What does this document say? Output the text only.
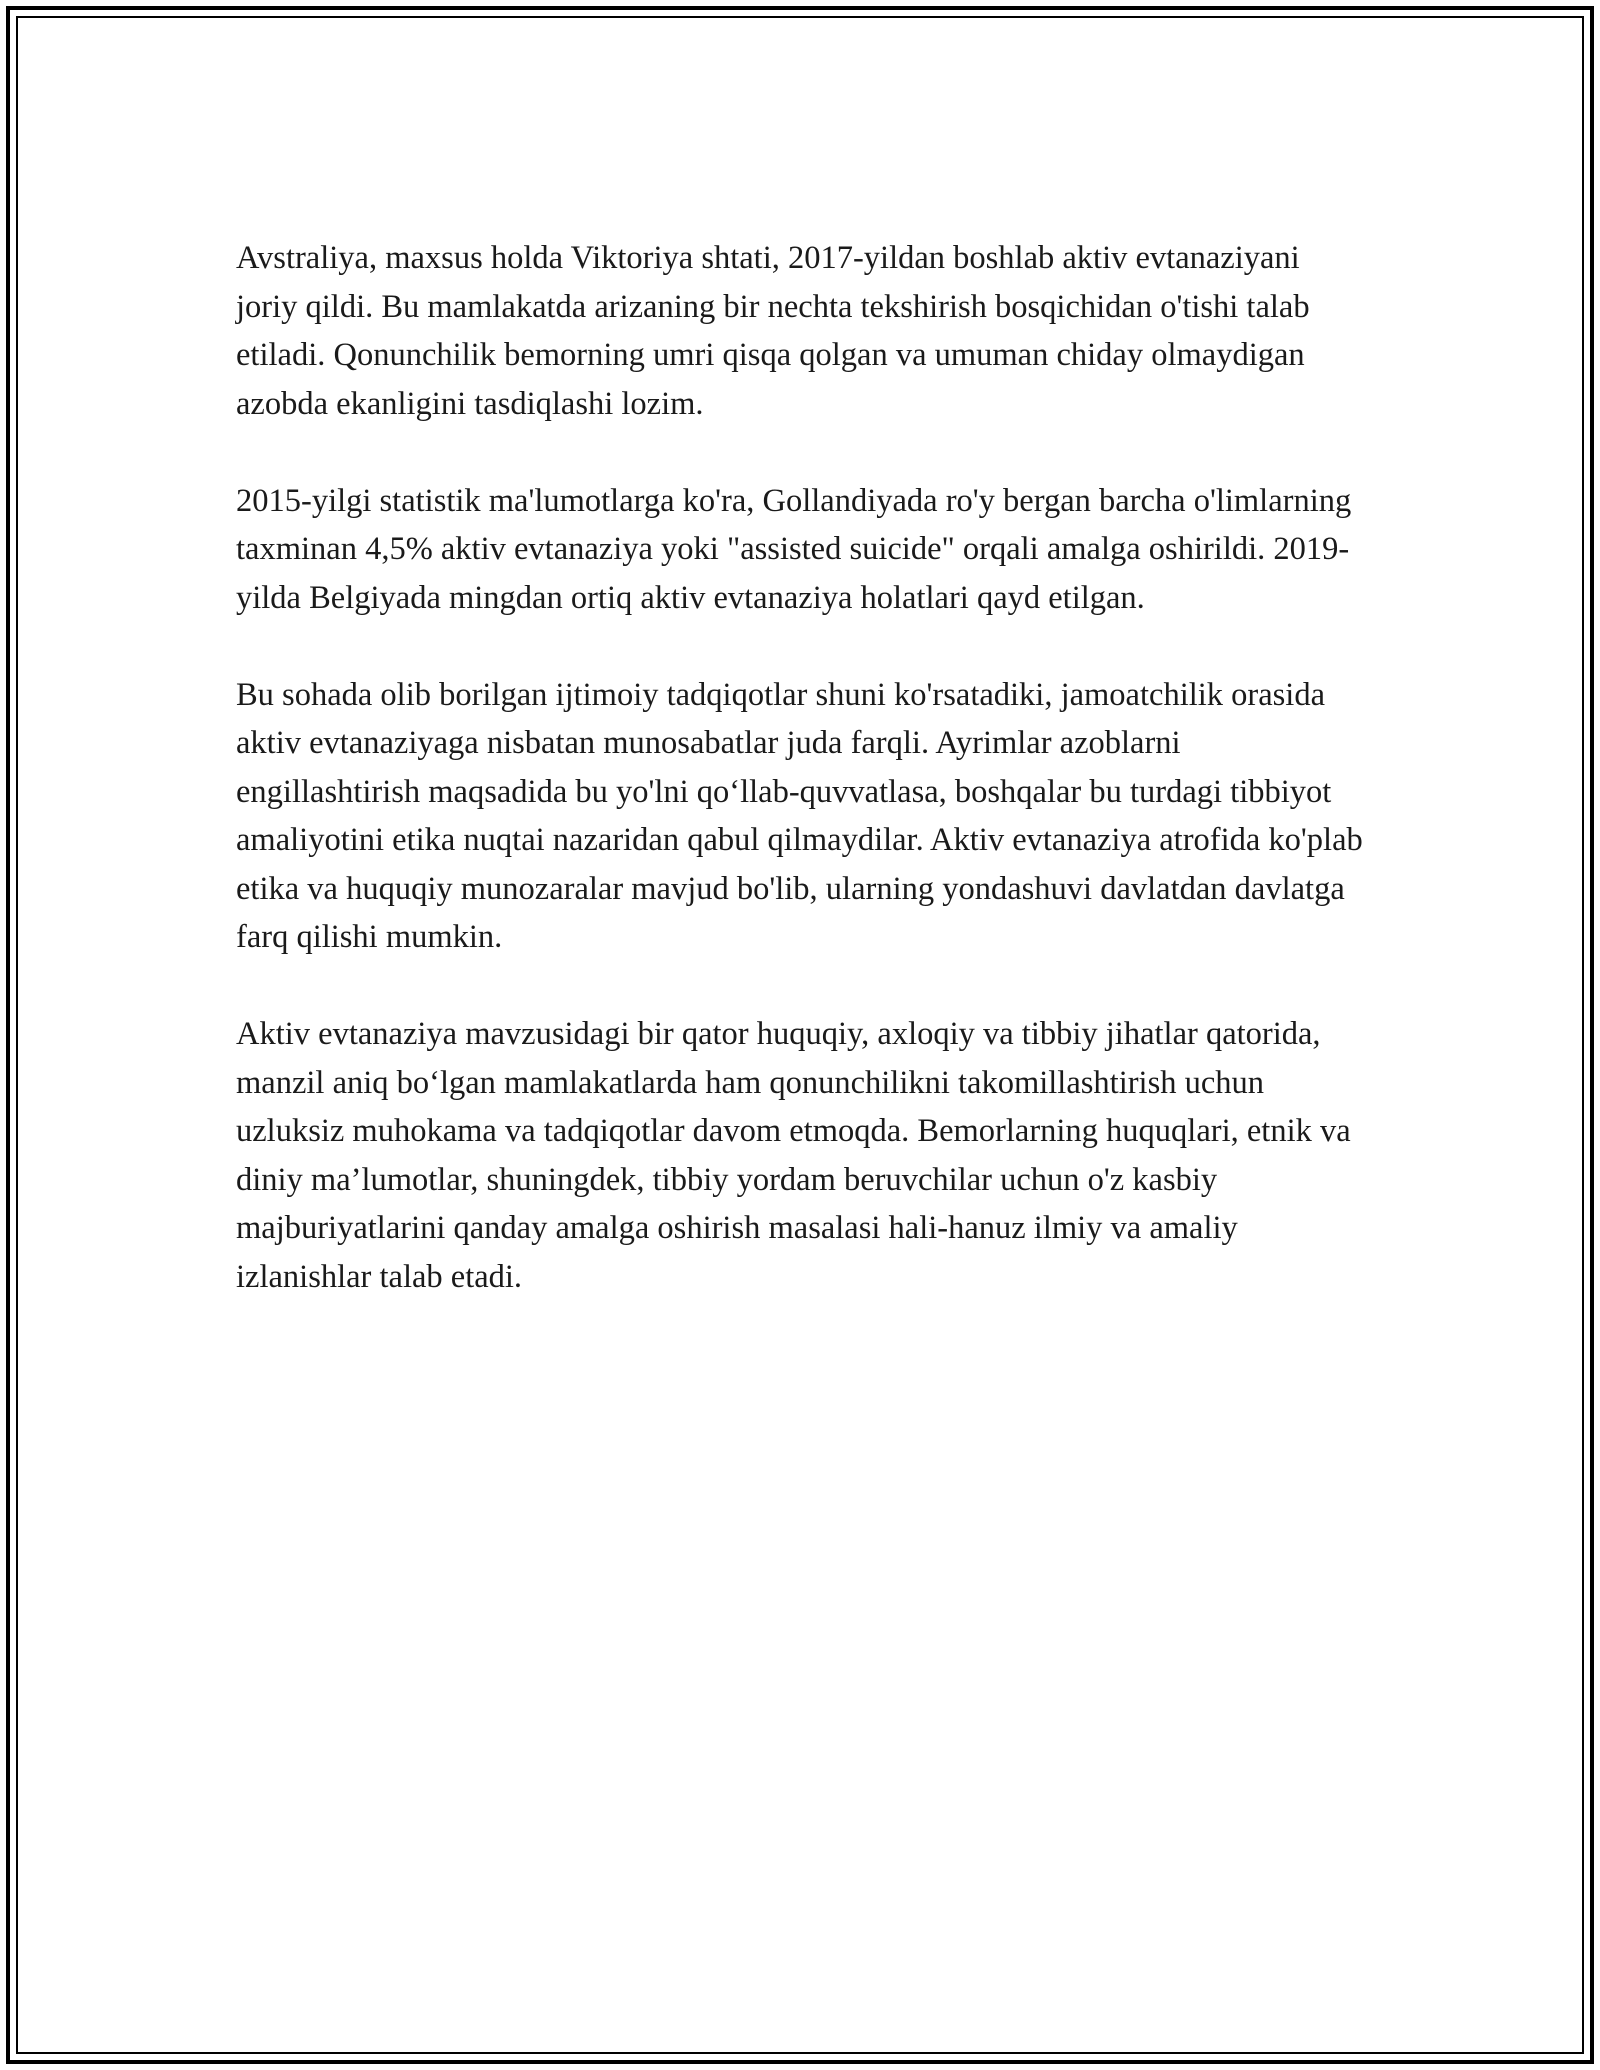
Avstraliya, maxsus holda Viktoriya shtati, 2017-yildan boshlab aktiv evtanaziyani joriy qildi. Bu mamlakatda arizaning bir nechta tekshirish bosqichidan o'tishi talab etiladi. Qonunchilik bemorning umri qisqa qolgan va umuman chiday olmaydigan azobda ekanligini tasdiqlashi lozim.

2015-yilgi statistik ma'lumotlarga ko'ra, Gollandiyada ro'y bergan barcha o'limlarning taxminan 4,5% aktiv evtanaziya yoki "assisted suicide" orqali amalga oshirildi. 2019-yilda Belgiyada mingdan ortiq aktiv evtanaziya holatlari qayd etilgan.

Bu sohada olib borilgan ijtimoiy tadqiqotlar shuni ko'rsatadiki, jamoatchilik orasida aktiv evtanaziyaga nisbatan munosabatlar juda farqli. Ayrimlar azoblarni engillashtirish maqsadida bu yo'lni qo‘llab-quvvatlasa, boshqalar bu turdagi tibbiyot amaliyotini etika nuqtai nazaridan qabul qilmaydilar. Aktiv evtanaziya atrofida ko'plab etika va huquqiy munozaralar mavjud bo'lib, ularning yondashuvi davlatdan davlatga farq qilishi mumkin.

Aktiv evtanaziya mavzusidagi bir qator huquqiy, axloqiy va tibbiy jihatlar qatorida, manzil aniq bo‘lgan mamlakatlarda ham qonunchilikni takomillashtirish uchun uzluksiz muhokama va tadqiqotlar davom etmoqda. Bemorlarning huquqlari, etnik va diniy ma’lumotlar, shuningdek, tibbiy yordam beruvchilar uchun o'z kasbiy majburiyatlarini qanday amalga oshirish masalasi hali-hanuz ilmiy va amaliy izlanishlar talab etadi.
